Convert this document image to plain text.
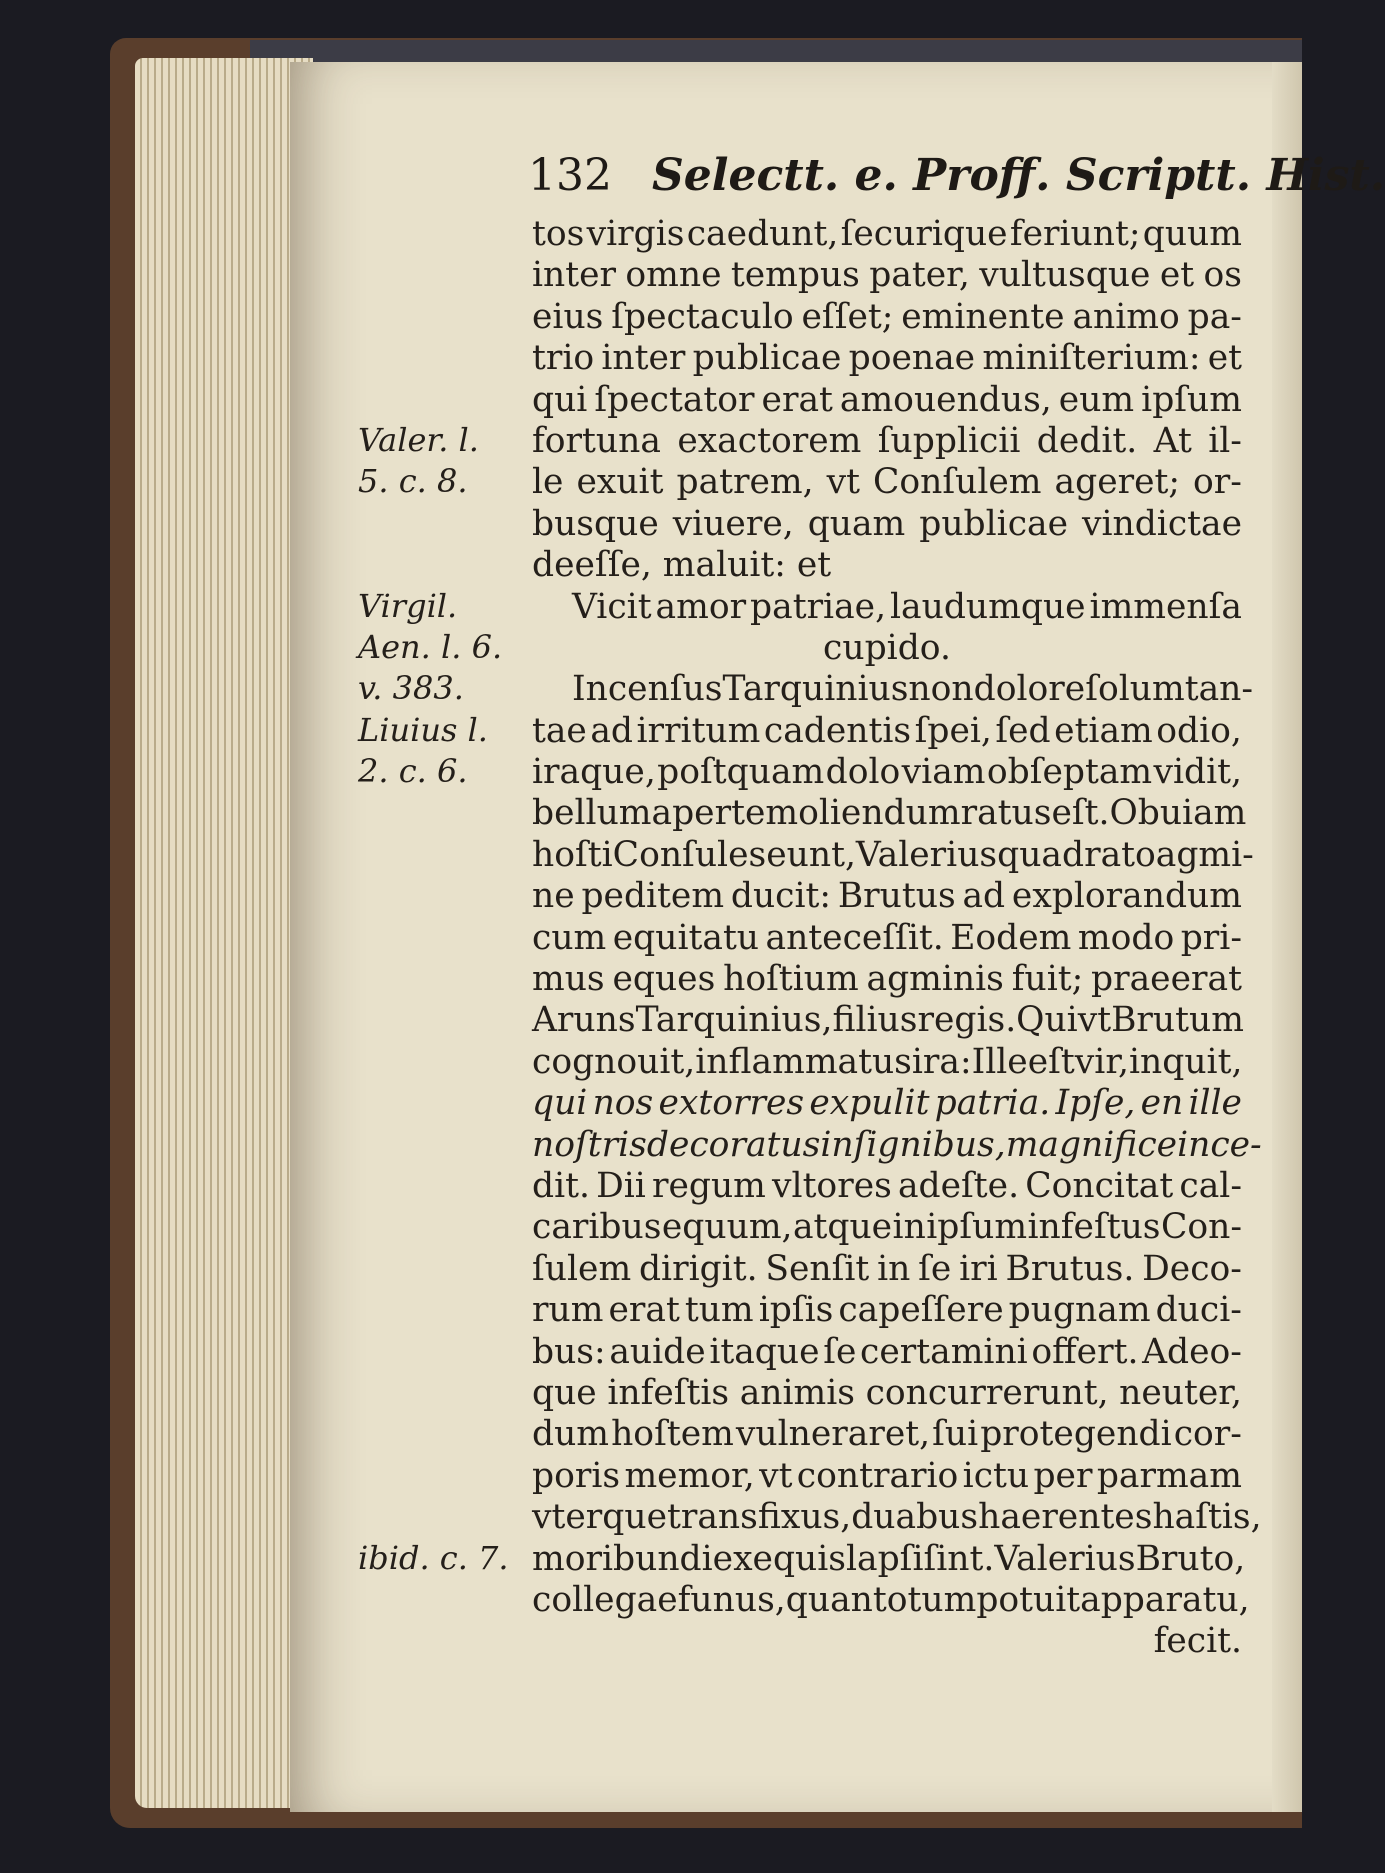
132 Selectt. e. Proff. Scriptt. Hist.
tos virgis caedunt, ſecurique feriunt; quum
inter omne tempus pater, vultusque et os
eius ſpectaculo eſſet; eminente animo pa-
trio inter publicae poenae miniſterium: et
qui ſpectator erat amouendus, eum ipſum
fortuna exactorem ſupplicii dedit. At il-
le exuit patrem, vt Conſulem ageret; or-
busque viuere, quam publicae vindictae
deeſſe, maluit: et
Vicit amor patriae, laudumque immenſa
cupido.
Incenſus Tarquinius non dolore ſolum tan-
tae ad irritum cadentis ſpei, ſed etiam odio,
iraque, poſtquam dolo viam obſeptam vidit,
bellum aperte moliendum ratus eſt. Obuiam
hoſti Conſules eunt, Valerius quadrato agmi-
ne peditem ducit: Brutus ad explorandum
cum equitatu anteceſſit. Eodem modo pri-
mus eques hoſtium agminis fuit; praeerat
Aruns Tarquinius, filius regis. Qui vt Brutum
cognouit, inflammatus ira: Ille eſt vir, inquit,
qui nos extorres expulit patria. Ipſe, en ille
noſtris decoratus inſignibus, magnifice ince-
dit. Dii regum vltores adeſte. Concitat cal-
caribus equum, atque in ipſum infeſtus Con-
ſulem dirigit. Senſit in ſe iri Brutus. Deco-
rum erat tum ipſis capeſſere pugnam duci-
bus: auide itaque ſe certamini offert. Adeo-
que infeſtis animis concurrerunt, neuter,
dum hoſtem vulneraret, ſui protegendi cor-
poris memor, vt contrario ictu per parmam
vterque transfixus, duabus haerentes haſtis,
moribundi ex equis lapſi ſint. Valerius Bruto,
collegae funus, quanto tum potuit apparatu,
fecit.
Valer. l.
5. c. 8.
Virgil.
Aen. l. 6.
v. 383.
Liuius l.
2. c. 6.
ibid. c. 7.
